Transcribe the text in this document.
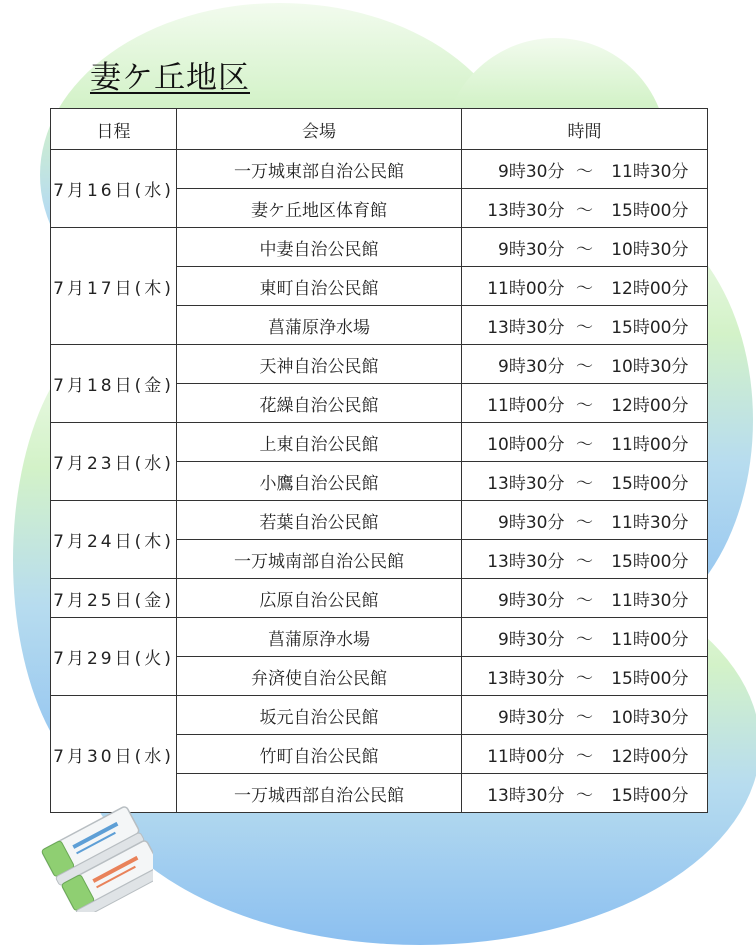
妻ケ丘地区
日程	会場	時間
7月16日(水)	一万城東部自治公民館	9時30分 ～ 11時30分
	妻ケ丘地区体育館	13時30分 ～ 15時00分
7月17日(木)	中妻自治公民館	9時30分 ～ 10時30分
	東町自治公民館	11時00分 ～ 12時00分
	菖蒲原浄水場	13時30分 ～ 15時00分
7月18日(金)	天神自治公民館	9時30分 ～ 10時30分
	花繰自治公民館	11時00分 ～ 12時00分
7月23日(水)	上東自治公民館	10時00分 ～ 11時00分
	小鷹自治公民館	13時30分 ～ 15時00分
7月24日(木)	若葉自治公民館	9時30分 ～ 11時30分
	一万城南部自治公民館	13時30分 ～ 15時00分
7月25日(金)	広原自治公民館	9時30分 ～ 11時30分
7月29日(火)	菖蒲原浄水場	9時30分 ～ 11時00分
	弁済使自治公民館	13時30分 ～ 15時00分
7月30日(水)	坂元自治公民館	9時30分 ～ 10時30分
	竹町自治公民館	11時00分 ～ 12時00分
	一万城西部自治公民館	13時30分 ～ 15時00分
